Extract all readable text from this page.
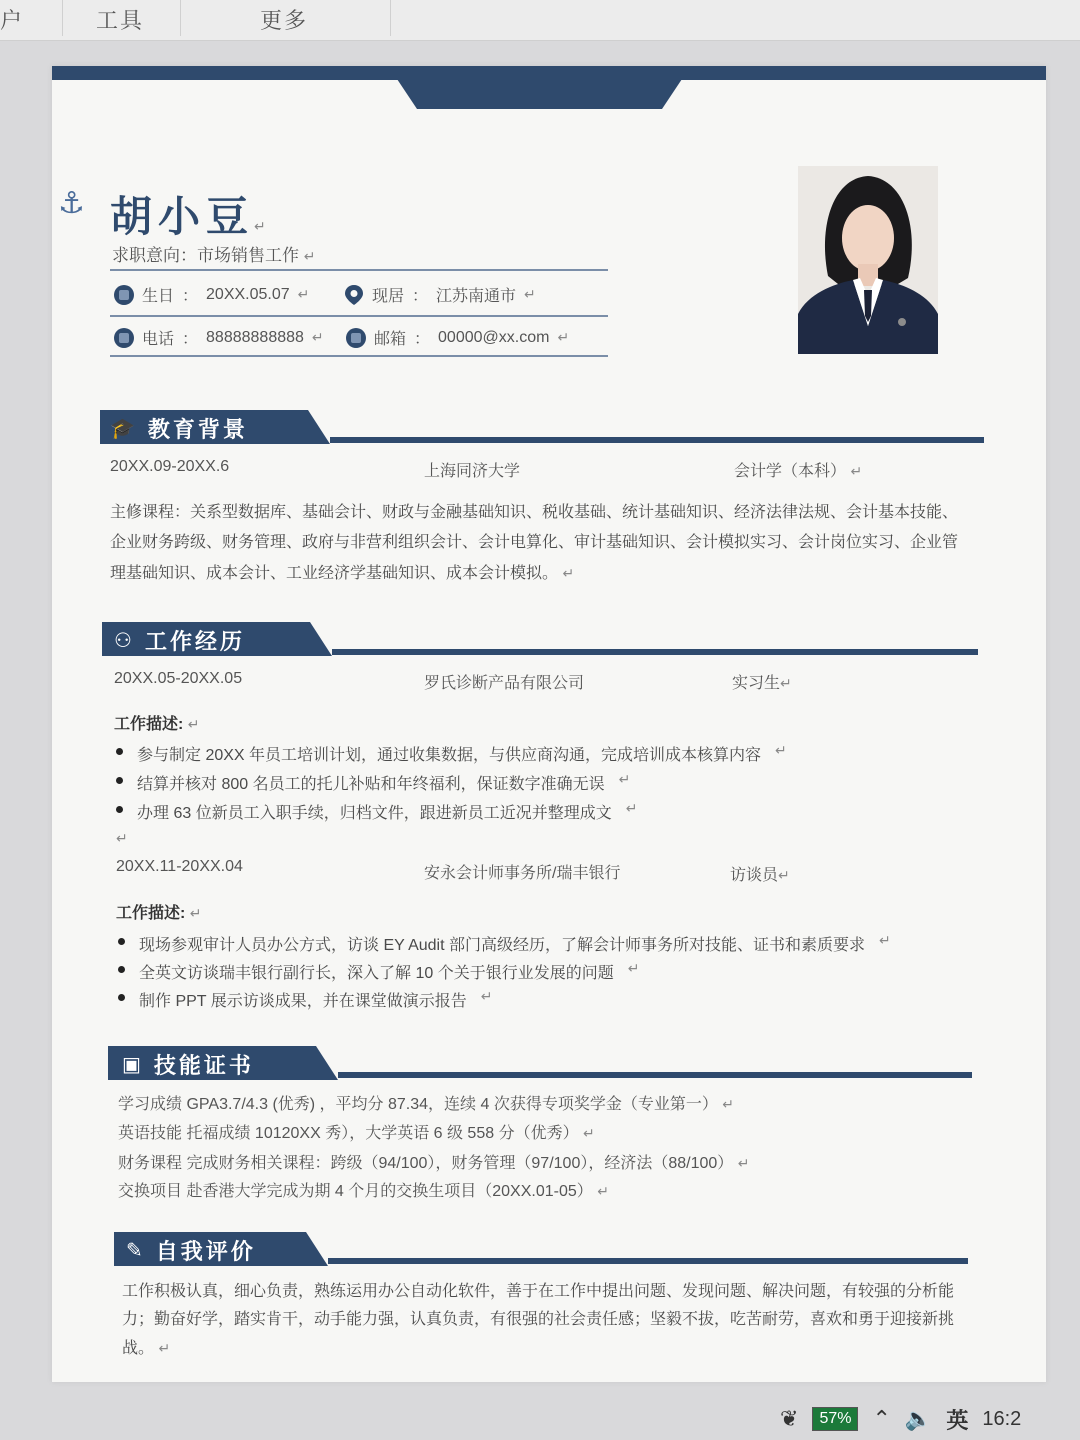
户	工具	更多
⚓ 胡小豆↵
求职意向：市场销售工作 ↵
生日 ： 20XX.05.07 ↵	现居 ： 江苏南通市 ↵
电话 ： 88888888888 ↵	邮箱 ： 00000@xx.com ↵
🎓 教育背景
20XX.09-20XX.6	上海同济大学	会计学（本科） ↵
主修课程：关系型数据库、基础会计、财政与金融基础知识、税收基础、统计基础知识、经济法律法规、会计基本技能、企业财务跨级、财务管理、政府与非营利组织会计、会计电算化、审计基础知识、会计模拟实习、会计岗位实习、企业管理基础知识、成本会计、工业经济学基础知识、成本会计模拟。 ↵
⚇ 工作经历
20XX.05-20XX.05	罗氏诊断产品有限公司	实习生↵
工作描述: ↵
参与制定 20XX 年员工培训计划，通过收集数据，与供应商沟通，完成培训成本核算内容 ↵
结算并核对 800 名员工的托儿补贴和年终福利，保证数字准确无误 ↵
办理 63 位新员工入职手续，归档文件，跟进新员工近况并整理成文 ↵
↵
20XX.11-20XX.04	安永会计师事务所/瑞丰银行	访谈员↵
工作描述: ↵
现场参观审计人员办公方式，访谈 EY Audit 部门高级经历，了解会计师事务所对技能、证书和素质要求 ↵
全英文访谈瑞丰银行副行长，深入了解 10 个关于银行业发展的问题 ↵
制作 PPT 展示访谈成果，并在课堂做演示报告 ↵
▣ 技能证书
学习成绩 GPA3.7/4.3 (优秀) ，平均分 87.34，连续 4 次获得专项奖学金（专业第一） ↵
英语技能 托福成绩 10120XX 秀），大学英语 6 级 558 分（优秀） ↵
财务课程 完成财务相关课程：跨级（94/100），财务管理（97/100），经济法（88/100） ↵
交换项目 赴香港大学完成为期 4 个月的交换生项目（20XX.01-05） ↵
✎ 自我评价
工作积极认真，细心负责，熟练运用办公自动化软件，善于在工作中提出问题、发现问题、解决问题，有较强的分析能力；勤奋好学，踏实肯干，动手能力强，认真负责，有很强的社会责任感；坚毅不拔，吃苦耐劳，喜欢和勇于迎接新挑战。 ↵
❦	57% ⌃ 🔈 英 16:2
